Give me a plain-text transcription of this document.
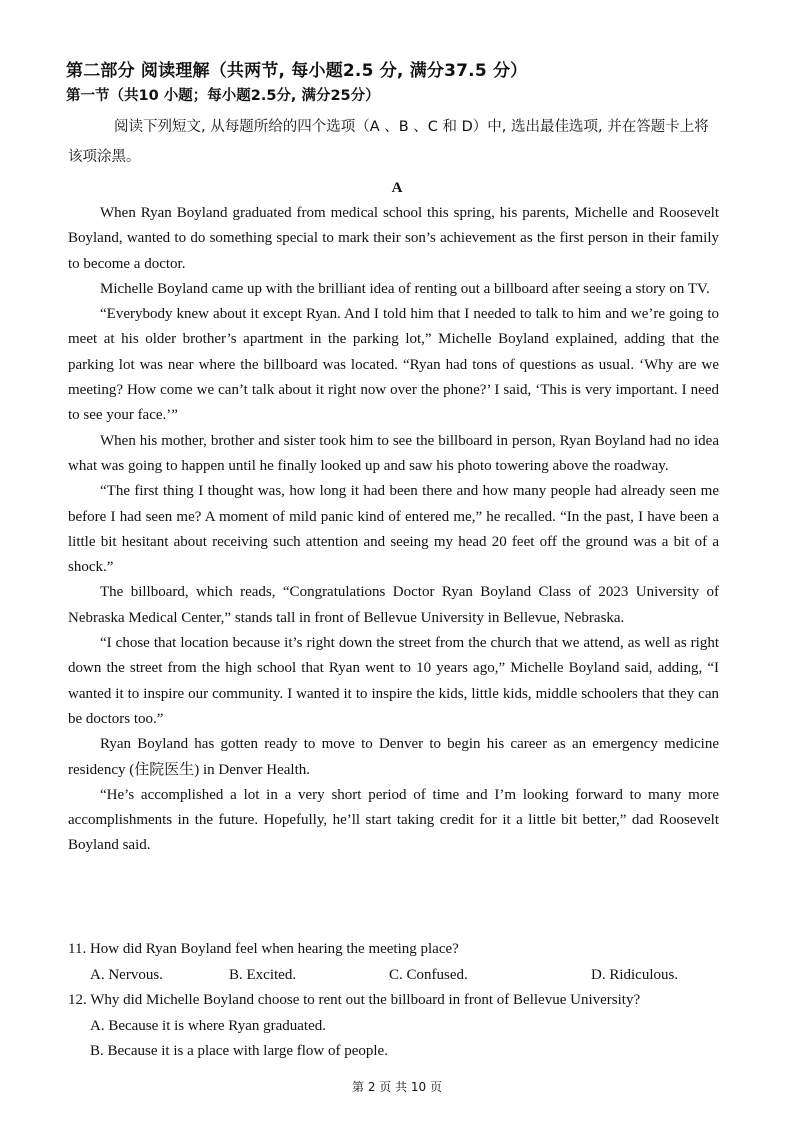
第二部分 阅读理解（共两节, 每小题2.5 分, 满分37.5 分）
第一节（共10 小题；每小题2.5分, 满分25分）
阅读下列短文, 从每题所给的四个选项（A 、B 、C 和 D）中, 选出最佳选项, 并在答题卡上将该项涂黑。
A

When Ryan Boyland graduated from medical school this spring, his parents, Michelle and Roosevelt Boyland, wanted to do something special to mark their son’s achievement as the first person in their family to become a doctor.

Michelle Boyland came up with the brilliant idea of renting out a billboard after seeing a story on TV.

“Everybody knew about it except Ryan. And I told him that I needed to talk to him and we’re going to meet at his older brother’s apartment in the parking lot,” Michelle Boyland explained, adding that the parking lot was near where the billboard was located. “Ryan had tons of questions as usual. ‘Why are we meeting? How come we can’t talk about it right now over the phone?’ I said, ‘This is very important. I need to see your face.’”

When his mother, brother and sister took him to see the billboard in person, Ryan Boyland had no idea what was going to happen until he finally looked up and saw his photo towering above the roadway.

“The first thing I thought was, how long it had been there and how many people had already seen me before I had seen me? A moment of mild panic kind of entered me,” he recalled. “In the past, I have been a little bit hesitant about receiving such attention and seeing my head 20 feet off the ground was a bit of a shock.”

The billboard, which reads, “Congratulations Doctor Ryan Boyland Class of 2023 University of Nebraska Medical Center,” stands tall in front of Bellevue University in Bellevue, Nebraska.

“I chose that location because it’s right down the street from the church that we attend, as well as right down the street from the high school that Ryan went to 10 years ago,” Michelle Boyland said, adding, “I wanted it to inspire our community. I wanted it to inspire the kids, little kids, middle schoolers that they can be doctors too.”

Ryan Boyland has gotten ready to move to Denver to begin his career as an emergency medicine residency (住院医生) in Denver Health.

“He’s accomplished a lot in a very short period of time and I’m looking forward to many more accomplishments in the future. Hopefully, he’ll start taking credit for it a little bit better,” dad Roosevelt Boyland said.

11. How did Ryan Boyland feel when hearing the meeting place?

A. Nervous.	B. Excited.	C. Confused.	D. Ridiculous.

12. Why did Michelle Boyland choose to rent out the billboard in front of Bellevue University?

A. Because it is where Ryan graduated.

B. Because it is a place with large flow of people.

第 2 页 共 10 页
